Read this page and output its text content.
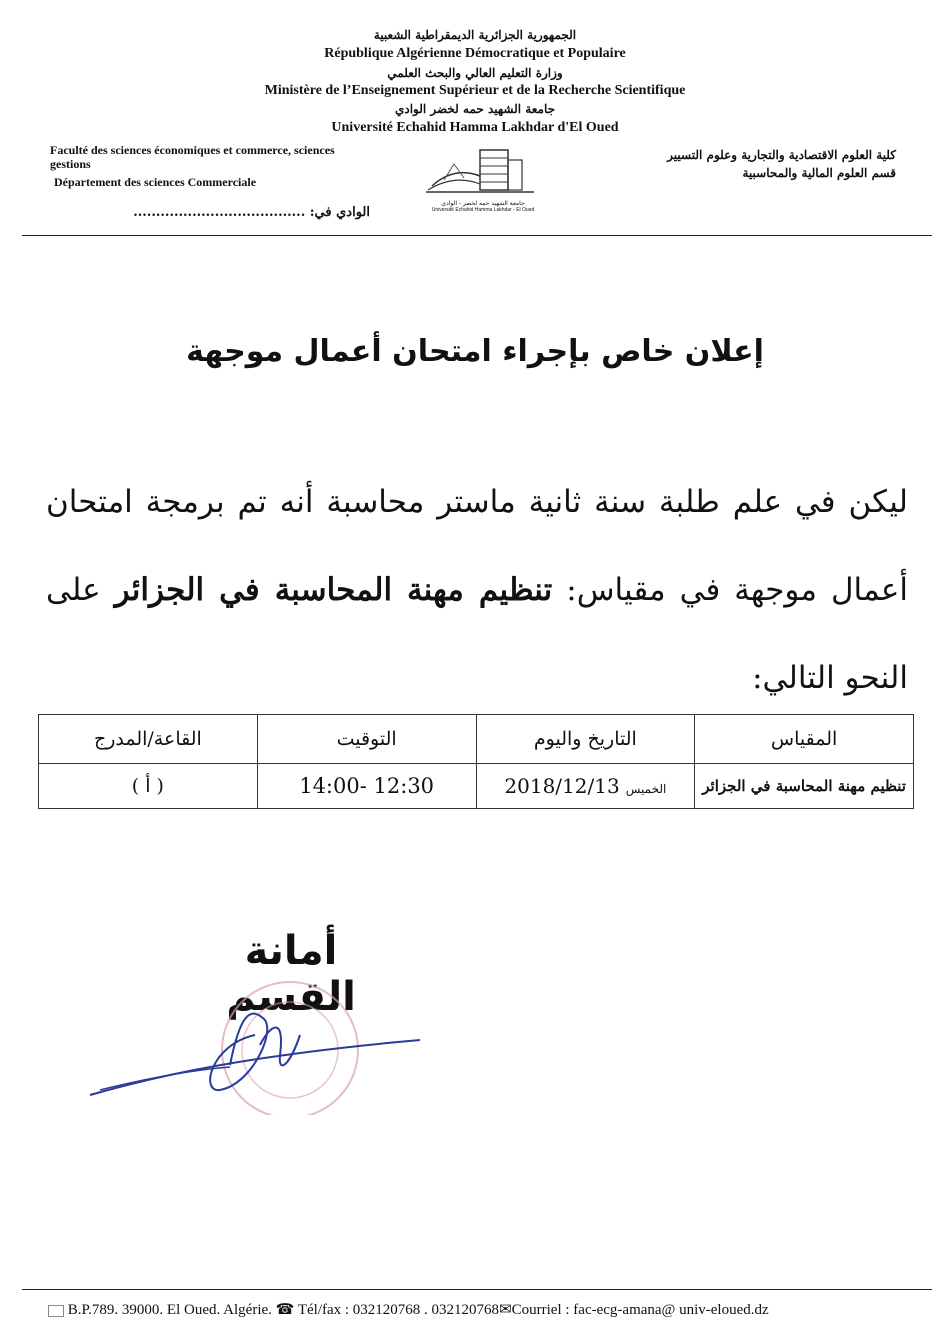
الجمهورية الجزائرية الديمقراطية الشعبية
République Algérienne Démocratique et Populaire
وزارة التعليم العالي والبحث العلمي
Ministère de l’Enseignement Supérieur et de la Recherche Scientifique
جامعة الشهيد حمه لخضر الوادي
Université Echahid Hamma Lakhdar d'El Oued
Faculté des sciences économiques et commerce, sciences
gestions
Département des sciences Commerciale
الوادي في: ......................................
كلية العلوم الاقتصادية والتجارية وعلوم التسيير
قسم العلوم المالية والمحاسبية
جامعة الشهيد حمه لخضر - الوادي
Université Echahid Hamma Lakhdar - El Oued
إعلان خاص بإجراء امتحان أعمال موجهة
ليكن في علم طلبة سنة ثانية ماستر محاسبة أنه تم برمجة امتحان أعمال موجهة في مقياس: تنظيم مهنة المحاسبة في الجزائر على النحو التالي:
المقياس	التاريخ واليوم	التوقيت	القاعة/المدرج
تنظيم مهنة المحاسبة في الجزائر	الخميس 2018/12/13	12:30 -14:00	( أ )
أمانة القسم
B.P.789. 39000. El Oued. Algérie. ☎ Tél/fax : 032120768 . 032120768✉Courriel : fac-ecg-amana@ univ-eloued.dz
